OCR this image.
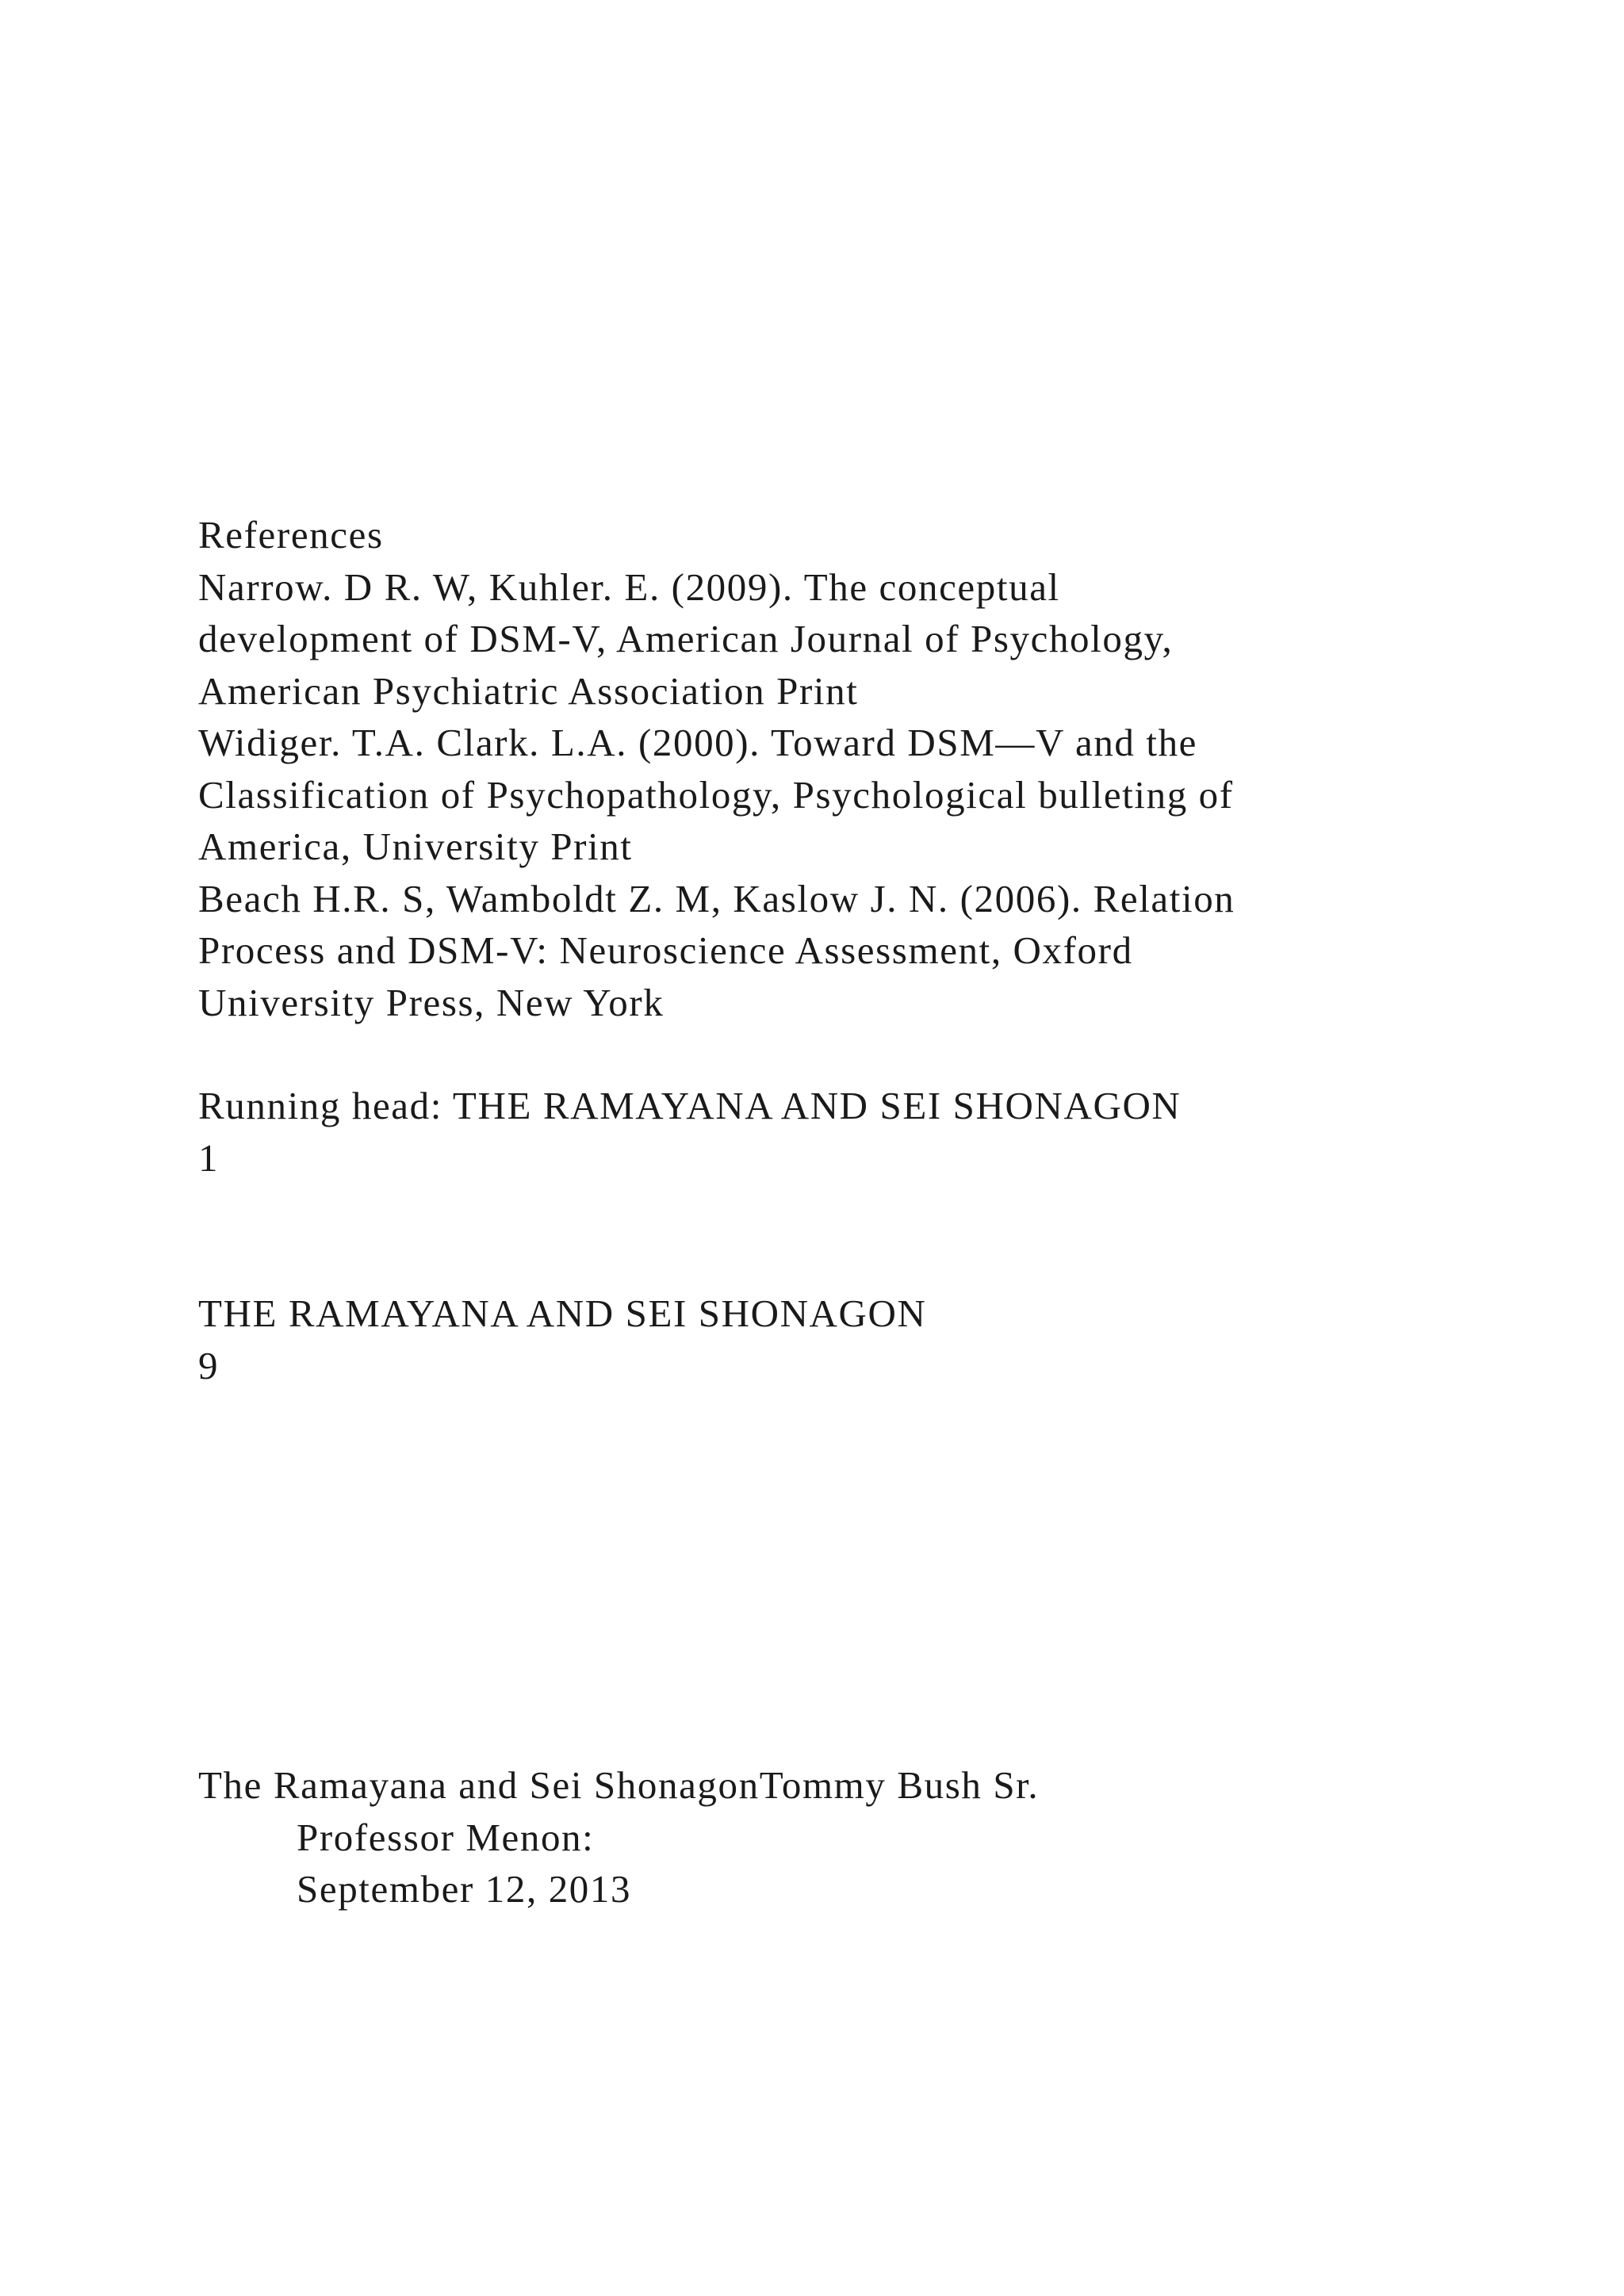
References
Narrow. D R. W, Kuhler. E. (2009). The conceptual
development of DSM-V, American Journal of Psychology,
American Psychiatric Association Print
Widiger. T.A. Clark. L.A. (2000). Toward DSM—V and the
Classification of Psychopathology, Psychological bulleting of
America, University Print
Beach H.R. S, Wamboldt Z. M, Kaslow J. N. (2006). Relation
Process and DSM-V: Neuroscience Assessment, Oxford
University Press, New York
Running head: THE RAMAYANA AND SEI SHONAGON
1
THE RAMAYANA AND SEI SHONAGON
9
The Ramayana and Sei ShonagonTommy Bush Sr.
Professor Menon:
September 12, 2013
